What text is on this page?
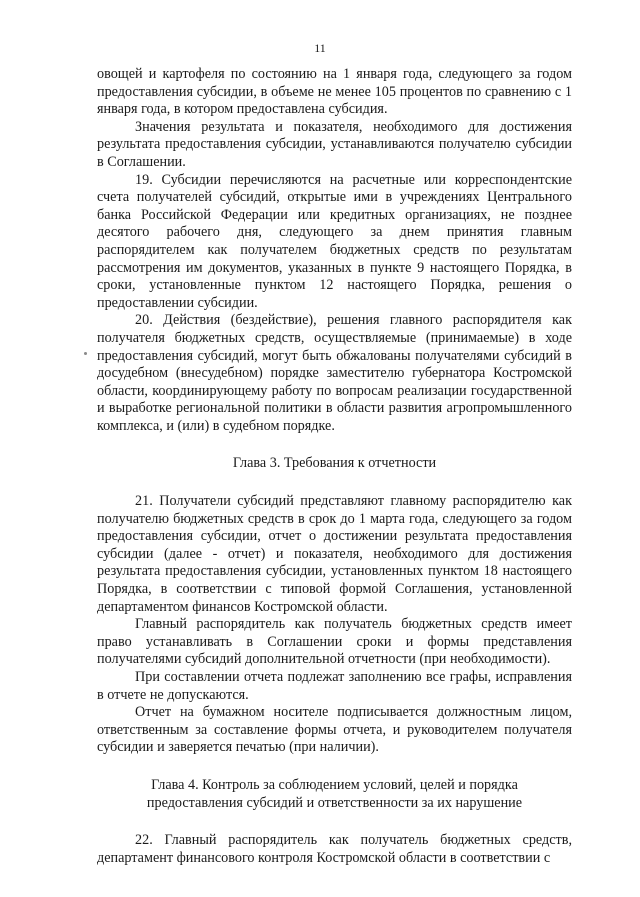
11

овощей и картофеля по состоянию на 1 января года, следующего за годом предоставления субсидии, в объеме не менее 105 процентов по сравнению с 1 января года, в котором предоставлена субсидия.

Значения результата и показателя, необходимого для достижения результата предоставления субсидии, устанавливаются получателю субсидии в Соглашении.

19. Субсидии перечисляются на расчетные или корреспондентские счета получателей субсидий, открытые ими в учреждениях Центрального банка Российской Федерации или кредитных организациях, не позднее десятого рабочего дня, следующего за днем принятия главным распорядителем как получателем бюджетных средств по результатам рассмотрения им документов, указанных в пункте 9 настоящего Порядка, в сроки, установленные пунктом 12 настоящего Порядка, решения о предоставлении субсидии.

20. Действия (бездействие), решения главного распорядителя как получателя бюджетных средств, осуществляемые (принимаемые) в ходе предоставления субсидий, могут быть обжалованы получателями субсидий в досудебном (внесудебном) порядке заместителю губернатора Костромской области, координирующему работу по вопросам реализации государственной и выработке региональной политики в области развития агропромышленного комплекса, и (или) в судебном порядке.

Глава 3. Требования к отчетности

21. Получатели субсидий представляют главному распорядителю как получателю бюджетных средств в срок до 1 марта года, следующего за годом предоставления субсидии, отчет о достижении результата предоставления субсидии (далее - отчет) и показателя, необходимого для достижения результата предоставления субсидии, установленных пунктом 18 настоящего Порядка, в соответствии с типовой формой Соглашения, установленной департаментом финансов Костромской области.

Главный распорядитель как получатель бюджетных средств имеет право устанавливать в Соглашении сроки и формы представления получателями субсидий дополнительной отчетности (при необходимости).

При составлении отчета подлежат заполнению все графы, исправления в отчете не допускаются.

Отчет на бумажном носителе подписывается должностным лицом, ответственным за составление формы отчета, и руководителем получателя субсидии и заверяется печатью (при наличии).

Глава 4. Контроль за соблюдением условий, целей и порядка
предоставления субсидий и ответственности за их нарушение

22. Главный распорядитель как получатель бюджетных средств, департамент финансового контроля Костромской области в соответствии с
